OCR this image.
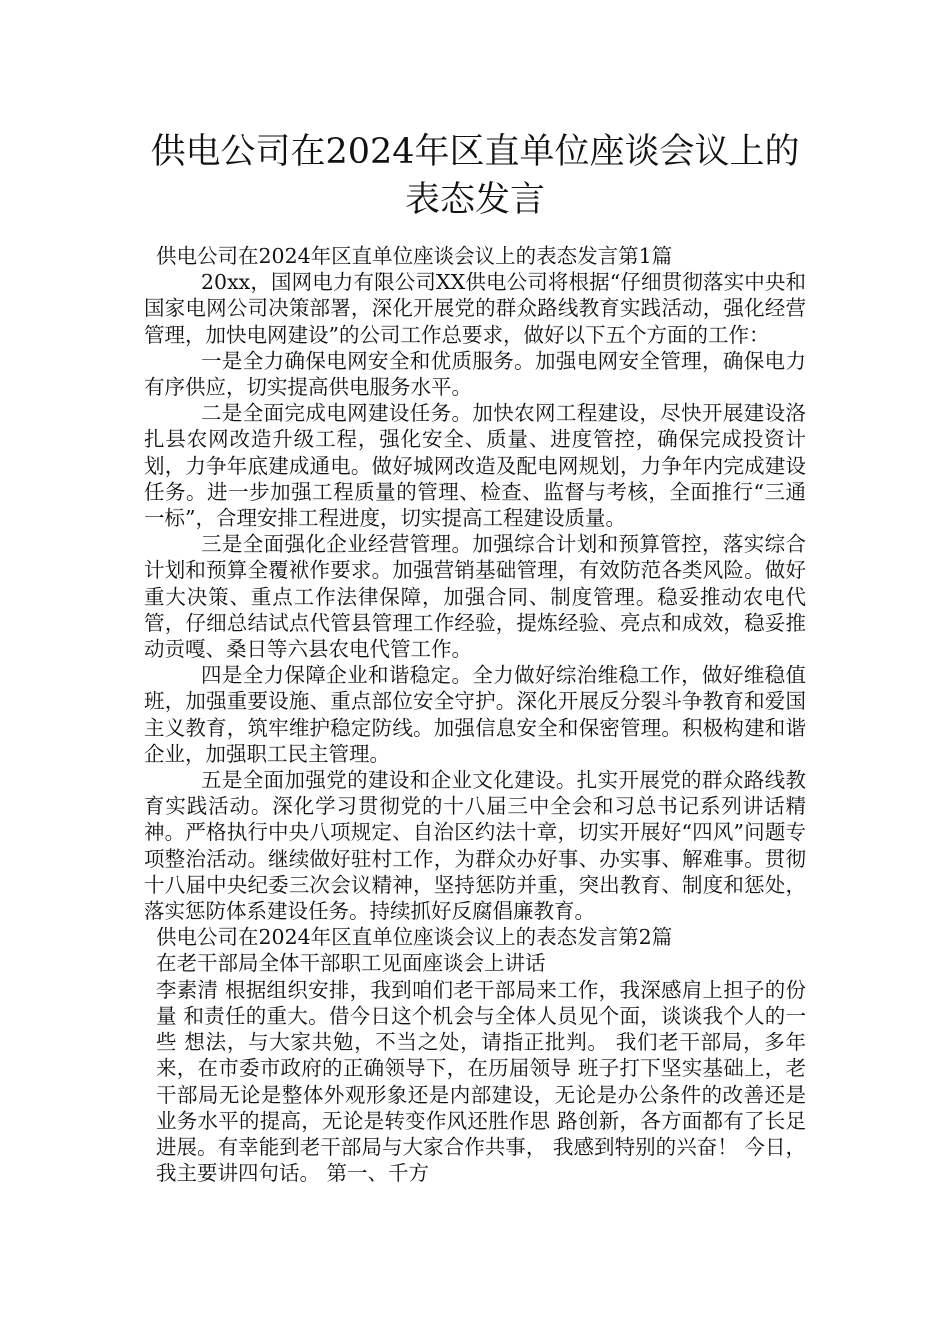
供电公司在2024年区直单位座谈会议上的
表态发言

供电公司在2024年区直单位座谈会议上的表态发言第1篇

20xx，国网电力有限公司XX供电公司将根据“仔细贯彻落实中央和国家电网公司决策部署，深化开展党的群众路线教育实践活动，强化经营管理，加快电网建设”的公司工作总要求，做好以下五个方面的工作：

一是全力确保电网安全和优质服务。加强电网安全管理，确保电力有序供应，切实提高供电服务水平。

二是全面完成电网建设任务。加快农网工程建设，尽快开展建设洛扎县农网改造升级工程，强化安全、质量、进度管控，确保完成投资计划，力争年底建成通电。做好城网改造及配电网规划，力争年内完成建设任务。进一步加强工程质量的管理、检查、监督与考核，全面推行“三通一标”，合理安排工程进度，切实提高工程建设质量。

三是全面强化企业经营管理。加强综合计划和预算管控，落实综合计划和预算全覆袱作要求。加强营销基础管理，有效防范各类风险。做好重大决策、重点工作法律保障，加强合同、制度管理。稳妥推动农电代管，仔细总结试点代管县管理工作经验，提炼经验、亮点和成效，稳妥推动贡嘎、桑日等六县农电代管工作。

四是全力保障企业和谐稳定。全力做好综治维稳工作，做好维稳值班，加强重要设施、重点部位安全守护。深化开展反分裂斗争教育和爱国主义教育，筑牢维护稳定防线。加强信息安全和保密管理。积极构建和谐企业，加强职工民主管理。

五是全面加强党的建设和企业文化建设。扎实开展党的群众路线教育实践活动。深化学习贯彻党的十八届三中全会和习总书记系列讲话精神。严格执行中央八项规定、自治区约法十章，切实开展好“四风”问题专项整治活动。继续做好驻村工作，为群众办好事、办实事、解难事。贯彻十八届中央纪委三次会议精神，坚持惩防并重，突出教育、制度和惩处，落实惩防体系建设任务。持续抓好反腐倡廉教育。

供电公司在2024年区直单位座谈会议上的表态发言第2篇

在老干部局全体干部职工见面座谈会上讲话

李素清 根据组织安排，我到咱们老干部局来工作，我深感肩上担子的份量 和责任的重大。借今日这个机会与全体人员见个面，谈谈我个人的一些 想法，与大家共勉，不当之处，请指正批判。 我们老干部局，多年来，在市委市政府的正确领导下，在历届领导 班子打下坚实基础上，老干部局无论是整体外观形象还是内部建设，无论是办公条件的改善还是业务水平的提高，无论是转变作风还胜作思 路创新，各方面都有了长足进展。有幸能到老干部局与大家合作共事， 我感到特别的兴奋！ 今日，我主要讲四句话。 第一、千方
